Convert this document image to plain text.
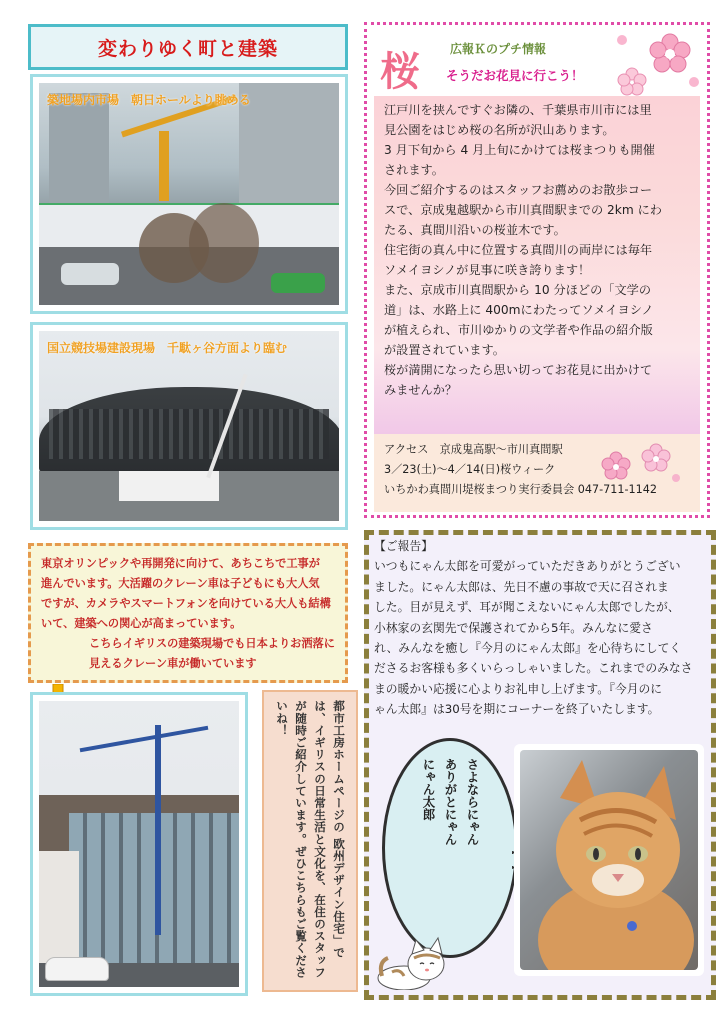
変わりゆく町と建築
築地場内市場　朝日ホールより眺める
国立競技場建設現場　千駄ヶ谷方面より臨む

東京オリンピックや再開発に向けて、あちこちで工事が

進んでいます。大活躍のクレーン車は子どもにも大人気

ですが、カメラやスマートフォンを向けている大人も結構

いて、建築への関心が高まっています。

こちらイギリスの建築現場でも日本よりお洒落に

見えるクレーン車が働いています

都市工房ホームページの 欧州デザイン住宅」では、イギリスの日常生活と文化を、在住のスタッフが随時ご紹介しています。ぜひこちらもご覧くださいね！
桜	広報Ｋのプチ情報
そうだお花見に行こう！

江戸川を挟んですぐお隣の、千葉県市川市には里

見公園をはじめ桜の名所が沢山あります。

3 月下旬から 4 月上旬にかけては桜まつりも開催

されます。

今回ご紹介するのはスタッフお薦めのお散歩コー

スで、京成鬼越駅から市川真間駅までの 2km にわ

たる、真間川沿いの桜並木です。

住宅街の真ん中に位置する真間川の両岸には毎年

ソメイヨシノが見事に咲き誇ります！

また、京成市川真間駅から 10 分ほどの「文学の

道」は、水路上に 400mにわたってソメイヨシノ

が植えられ、市川ゆかりの文学者や作品の紹介版

が設置されています。

桜が満開になったら思い切ってお花見に出かけて

みませんか？

アクセス　京成鬼高駅～市川真間駅

3／23(土)～4／14(日)桜ウィーク

いちかわ真間川堤桜まつり実行委員会 047-711-1142

【ご報告】

いつもにゃん太郎を可愛がっていただきありがとうござい

ました。にゃん太郎は、先日不慮の事故で天に召されま

した。目が見えず、耳が聞こえないにゃん太郎でしたが、

小林家の玄関先で保護されてから5年。みんなに愛さ

れ、みんなを癒し『今月のにゃん太郎』を心待ちにしてく

ださるお客様も多くいらっしゃいました。これまでのみなさ

まの暖かい応援に心よりお礼申し上げます。『今月のに

ゃん太郎』は30号を期にコーナーを終了いたします。

さよならにゃん
ありがとにゃん
にゃん太郎
